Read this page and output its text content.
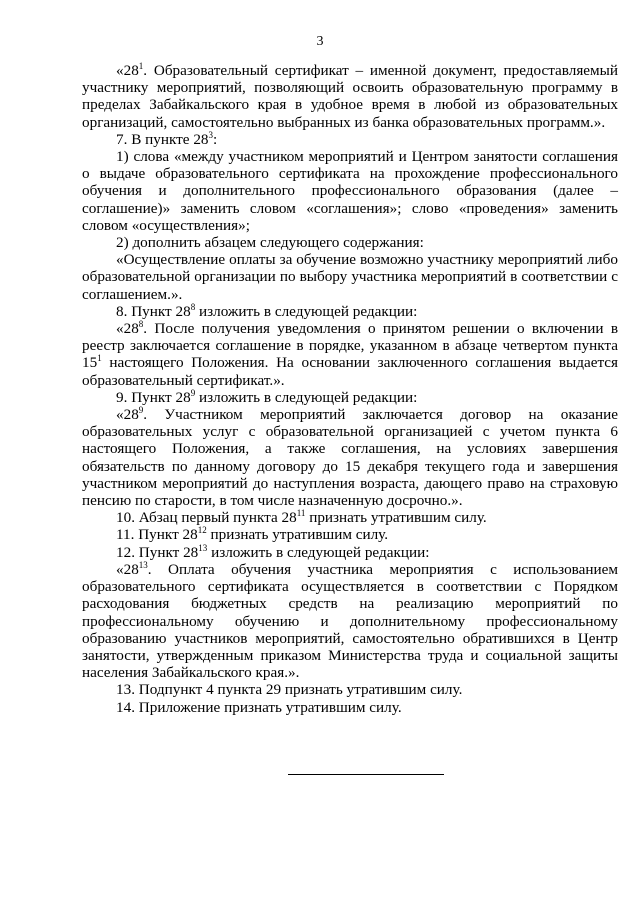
3

«$28^1$. Образовательный сертификат – именной документ, предоставляемый участнику мероприятий, позволяющий освоить образовательную программу в пределах Забайкальского края в удобное время в любой из образовательных организаций, самостоятельно выбранных из банка образовательных программ.».

7. В пункте $28^3$:

1) слова «между участником мероприятий и Центром занятости соглашения о выдаче образовательного сертификата на прохождение профессионального обучения и дополнительного профессионального образования (далее – соглашение)» заменить словом «соглашения»; слово «проведения» заменить словом «осуществления»;

2) дополнить абзацем следующего содержания:

«Осуществление оплаты за обучение возможно участнику мероприятий либо образовательной организации по выбору участника мероприятий в соответствии с соглашением.».

8. Пункт $28^8$ изложить в следующей редакции:

«$28^8$. После получения уведомления о принятом решении о включении в реестр заключается соглашение в порядке, указанном в абзаце четвертом пункта $15^1$ настоящего Положения. На основании заключенного соглашения выдается образовательный сертификат.».

9. Пункт $28^9$ изложить в следующей редакции:

«$28^9$. Участником мероприятий заключается договор на оказание образовательных услуг с образовательной организацией с учетом пункта 6 настоящего Положения, а также соглашения, на условиях завершения обязательств по данному договору до 15 декабря текущего года и завершения участником мероприятий до наступления возраста, дающего право на страховую пенсию по старости, в том числе назначенную досрочно.».

10. Абзац первый пункта $28^{11}$ признать утратившим силу.

11. Пункт $28^{12}$ признать утратившим силу.

12. Пункт $28^{13}$ изложить в следующей редакции:

«$28^{13}$. Оплата обучения участника мероприятия с использованием образовательного сертификата осуществляется в соответствии с Порядком расходования бюджетных средств на реализацию мероприятий по профессиональному обучению и дополнительному профессиональному образованию участников мероприятий, самостоятельно обратившихся в Центр занятости, утвержденным приказом Министерства труда и социальной защиты населения Забайкальского края.».

13. Подпункт 4 пункта 29 признать утратившим силу.

14. Приложение признать утратившим силу.
